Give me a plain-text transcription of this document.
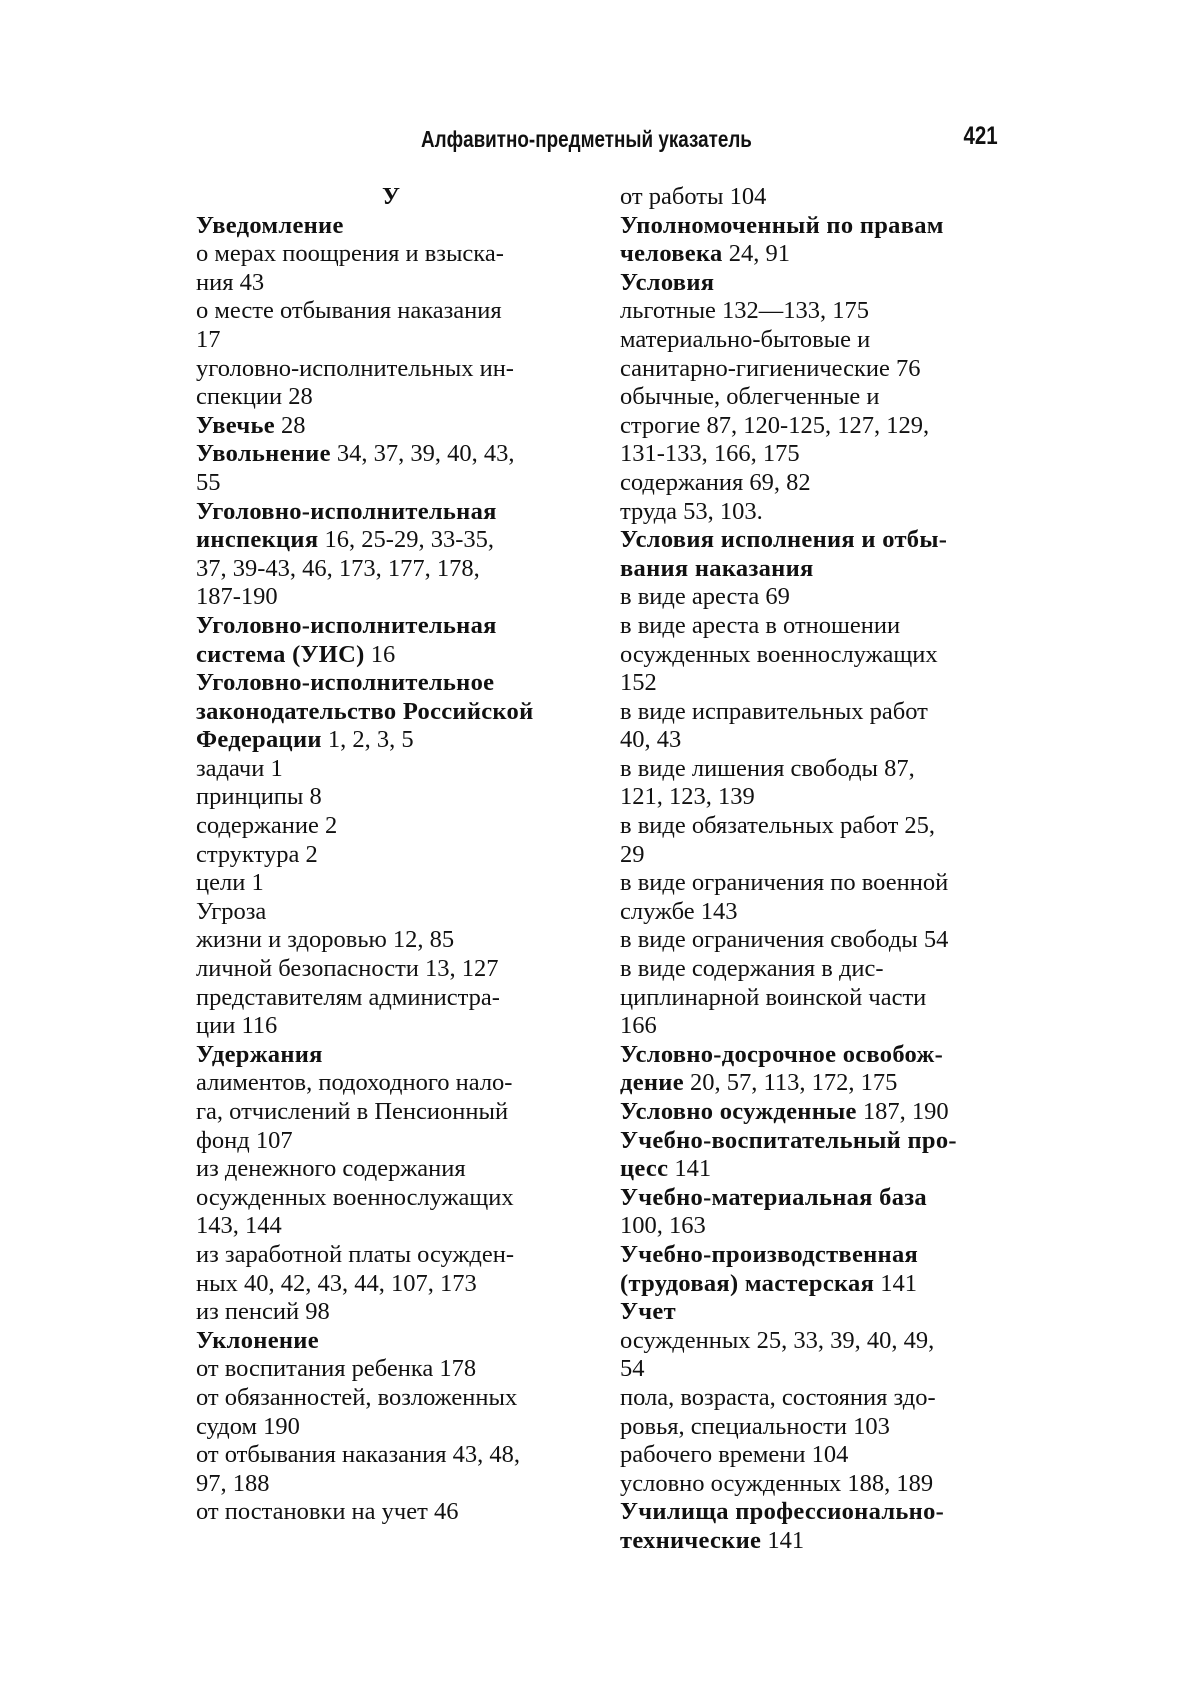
Алфавитно-предметный указатель	421
У
Уведомление
о мерах поощрения и взыска-
ния 43
о месте отбывания наказания
17
уголовно-исполнительных ин-
спекции 28
Увечье 28
Увольнение 34, 37, 39, 40, 43,
55
Уголовно-исполнительная
инспекция 16, 25-29, 33-35,
37, 39-43, 46, 173, 177, 178,
187-190
Уголовно-исполнительная
система (УИС) 16
Уголовно-исполнительное
законодательство Российской
Федерации 1, 2, 3, 5
задачи 1
принципы 8
содержание 2
структура 2
цели 1
Угроза
жизни и здоровью 12, 85
личной безопасности 13, 127
представителям администра-
ции 116
Удержания
алиментов, подоходного нало-
га, отчислений в Пенсионный
фонд 107
из денежного содержания
осужденных военнослужащих
143, 144
из заработной платы осужден-
ных 40, 42, 43, 44, 107, 173
из пенсий 98
Уклонение
от воспитания ребенка 178
от обязанностей, возложенных
судом 190
от отбывания наказания 43, 48,
97, 188
от постановки на учет 46
от работы 104
Уполномоченный по правам
человека 24, 91
Условия
льготные 132—133, 175
материально-бытовые и
санитарно-гигиенические 76
обычные, облегченные и
строгие 87, 120-125, 127, 129,
131-133, 166, 175
содержания 69, 82
труда 53, 103.
Условия исполнения и отбы-
вания наказания
в виде ареста 69
в виде ареста в отношении
осужденных военнослужащих
152
в виде исправительных работ
40, 43
в виде лишения свободы 87,
121, 123, 139
в виде обязательных работ 25,
29
в виде ограничения по военной
службе 143
в виде ограничения свободы 54
в виде содержания в дис-
циплинарной воинской части
166
Условно-досрочное освобож-
дение 20, 57, 113, 172, 175
Условно осужденные 187, 190
Учебно-воспитательный про-
цесс 141
Учебно-материальная база
100, 163
Учебно-производственная
(трудовая) мастерская 141
Учет
осужденных 25, 33, 39, 40, 49,
54
пола, возраста, состояния здо-
ровья, специальности 103
рабочего времени 104
условно осужденных 188, 189
Училища профессионально-
технические 141
